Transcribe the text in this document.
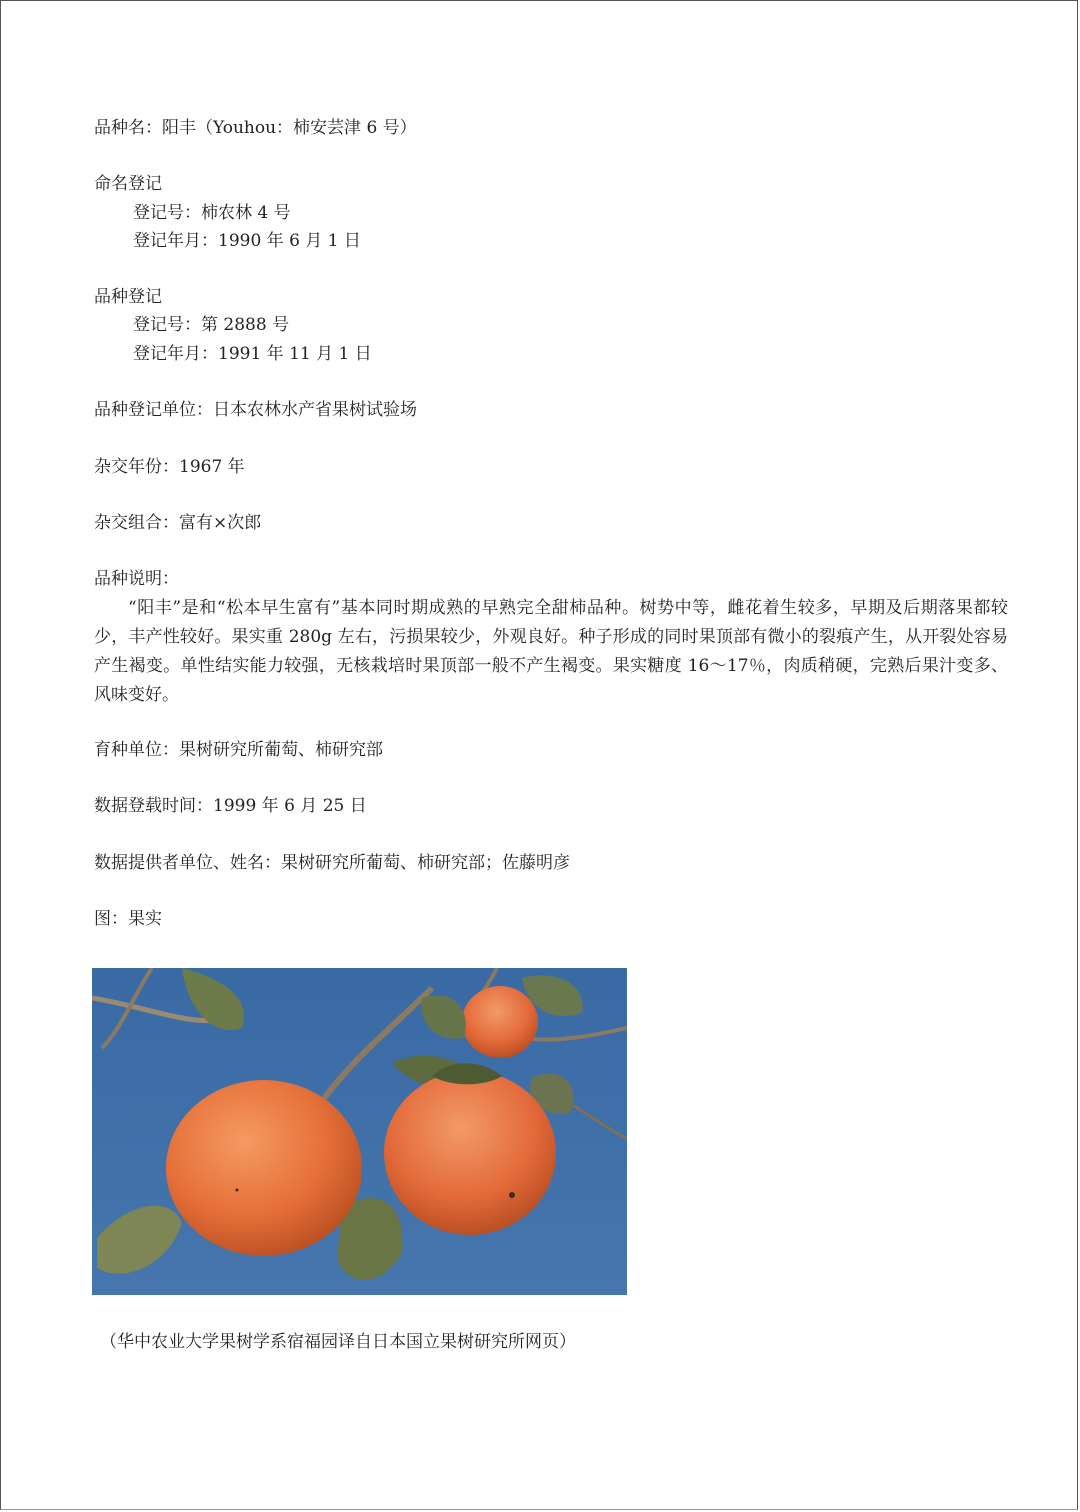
品种名：阳丰（Youhou：柿安芸津 6 号）
命名登记
登记号：柿农林 4 号
登记年月：1990 年 6 月 1 日
品种登记
登记号：第 2888 号
登记年月：1991 年 11 月 1 日
品种登记单位：日本农林水产省果树试验场
杂交年份：1967 年
杂交组合：富有×次郎
品种说明：
“阳丰”是和“松本早生富有”基本同时期成熟的早熟完全甜柿品种。树势中等，雌花着生较多，早期及后期落果都较少，丰产性较好。果实重 280g 左右，污损果较少，外观良好。种子形成的同时果顶部有微小的裂痕产生，从开裂处容易产生褐变。单性结实能力较强，无核栽培时果顶部一般不产生褐变。果实糖度 16～17％，肉质稍硬，完熟后果汁变多、风味变好。
育种单位：果树研究所葡萄、柿研究部
数据登载时间：1999 年 6 月 25 日
数据提供者单位、姓名：果树研究所葡萄、柿研究部；佐藤明彦
图：果实
（华中农业大学果树学系宿福园译自日本国立果树研究所网页）
